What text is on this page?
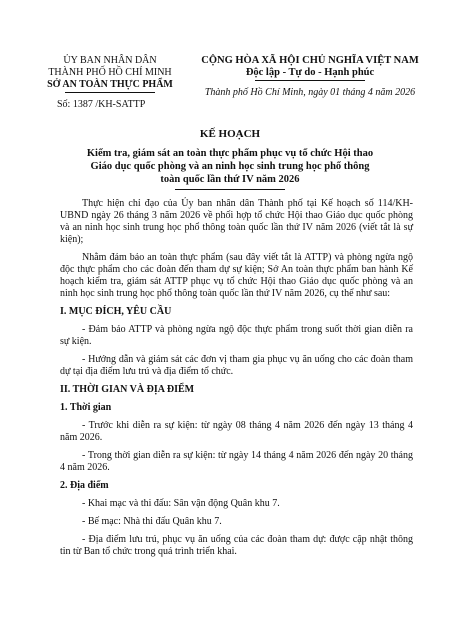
ỦY BAN NHÂN DÂN
THÀNH PHỐ HỒ CHÍ MINH
SỞ AN TOÀN THỰC PHẨM
Số: 1387 /KH-SATTP
CỘNG HÒA XÃ HỘI CHỦ NGHĨA VIỆT NAM
Độc lập - Tự do - Hạnh phúc
Thành phố Hồ Chí Minh, ngày 01 tháng 4 năm 2026
KẾ HOẠCH
Kiểm tra, giám sát an toàn thực phẩm phục vụ tổ chức Hội thao
Giáo dục quốc phòng và an ninh học sinh trung học phổ thông
toàn quốc lần thứ IV năm 2026

Thực hiện chỉ đạo của Ủy ban nhân dân Thành phố tại Kế hoạch số 114/KH-UBND ngày 26 tháng 3 năm 2026 về phối hợp tổ chức Hội thao Giáo dục quốc phòng và an ninh học sinh trung học phổ thông toàn quốc lần thứ IV năm 2026 (viết tắt là sự kiện);

Nhằm đảm bảo an toàn thực phẩm (sau đây viết tắt là ATTP) và phòng ngừa ngộ độc thực phẩm cho các đoàn đến tham dự sự kiện; Sở An toàn thực phẩm ban hành Kế hoạch kiểm tra, giám sát ATTP phục vụ tổ chức Hội thao Giáo dục quốc phòng và an ninh học sinh trung học phổ thông toàn quốc lần thứ IV năm 2026, cụ thể như sau:

I. MỤC ĐÍCH, YÊU CẦU

- Đảm bảo ATTP và phòng ngừa ngộ độc thực phẩm trong suốt thời gian diễn ra sự kiện.

- Hướng dẫn và giám sát các đơn vị tham gia phục vụ ăn uống cho các đoàn tham dự tại địa điểm lưu trú và địa điểm tổ chức.

II. THỜI GIAN VÀ ĐỊA ĐIỂM
1. Thời gian

- Trước khi diễn ra sự kiện: từ ngày 08 tháng 4 năm 2026 đến ngày 13 tháng 4 năm 2026.

- Trong thời gian diễn ra sự kiện: từ ngày 14 tháng 4 năm 2026 đến ngày 20 tháng 4 năm 2026.

2. Địa điểm

- Khai mạc và thi đấu: Sân vận động Quân khu 7.

- Bế mạc: Nhà thi đấu Quân khu 7.

- Địa điểm lưu trú, phục vụ ăn uống của các đoàn tham dự: được cập nhật thông tin từ Ban tổ chức trong quá trình triển khai.
